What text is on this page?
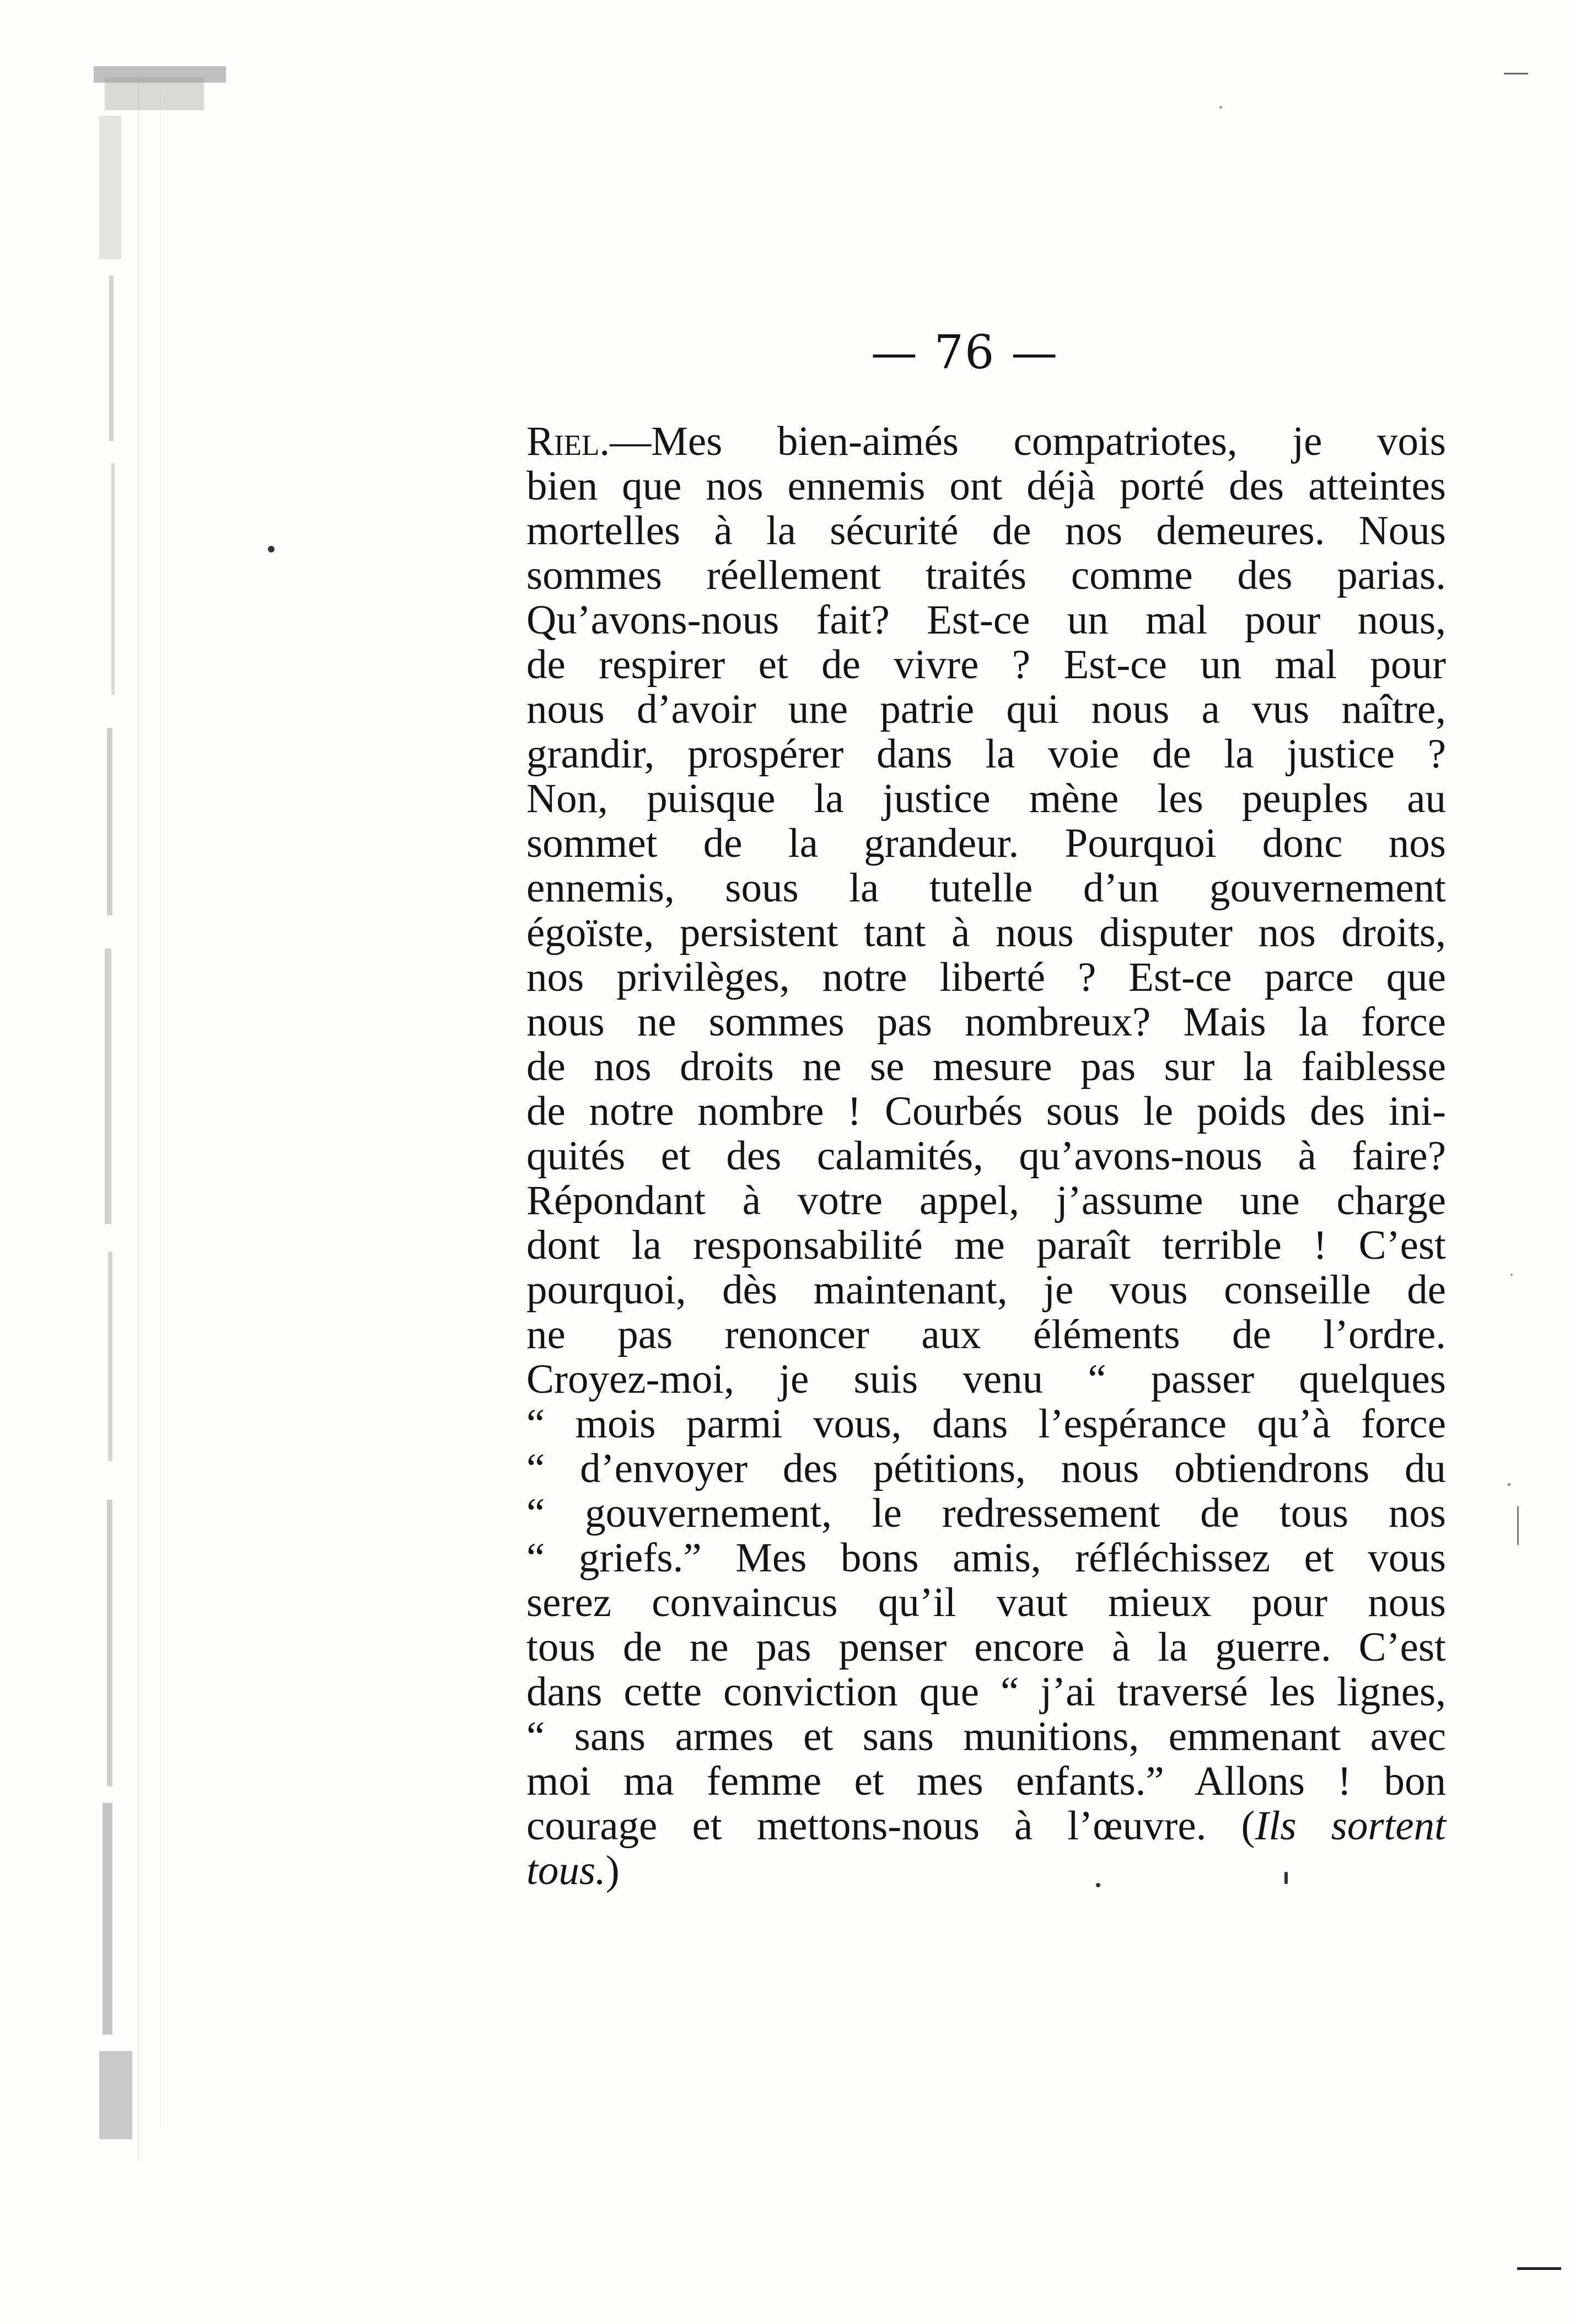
— 76 —
Riel.—Mes bien-aimés compatriotes, je vois
bien que nos ennemis ont déjà porté des atteintes
mortelles à la sécurité de nos demeures. Nous
sommes réellement traités comme des parias.
Qu’avons-nous fait? Est-ce un mal pour nous,
de respirer et de vivre ? Est-ce un mal pour
nous d’avoir une patrie qui nous a vus naître,
grandir, prospérer dans la voie de la justice ?
Non, puisque la justice mène les peuples au
sommet de la grandeur. Pourquoi donc nos
ennemis, sous la tutelle d’un gouvernement
égoïste, persistent tant à nous disputer nos droits,
nos privilèges, notre liberté ? Est-ce parce que
nous ne sommes pas nombreux? Mais la force
de nos droits ne se mesure pas sur la faiblesse
de notre nombre ! Courbés sous le poids des ini-
quités et des calamités, qu’avons-nous à faire?
Répondant à votre appel, j’assume une charge
dont la responsabilité me paraît terrible ! C’est
pourquoi, dès maintenant, je vous conseille de
ne pas renoncer aux éléments de l’ordre.
Croyez-moi, je suis venu “ passer quelques
“ mois parmi vous, dans l’espérance qu’à force
“ d’envoyer des pétitions, nous obtiendrons du
“ gouvernement, le redressement de tous nos
“ griefs.” Mes bons amis, réfléchissez et vous
serez convaincus qu’il vaut mieux pour nous
tous de ne pas penser encore à la guerre. C’est
dans cette conviction que “ j’ai traversé les lignes,
“ sans armes et sans munitions, emmenant avec
moi ma femme et mes enfants.” Allons ! bon
courage et mettons-nous à l’œuvre. (Ils sortent
tous.)
